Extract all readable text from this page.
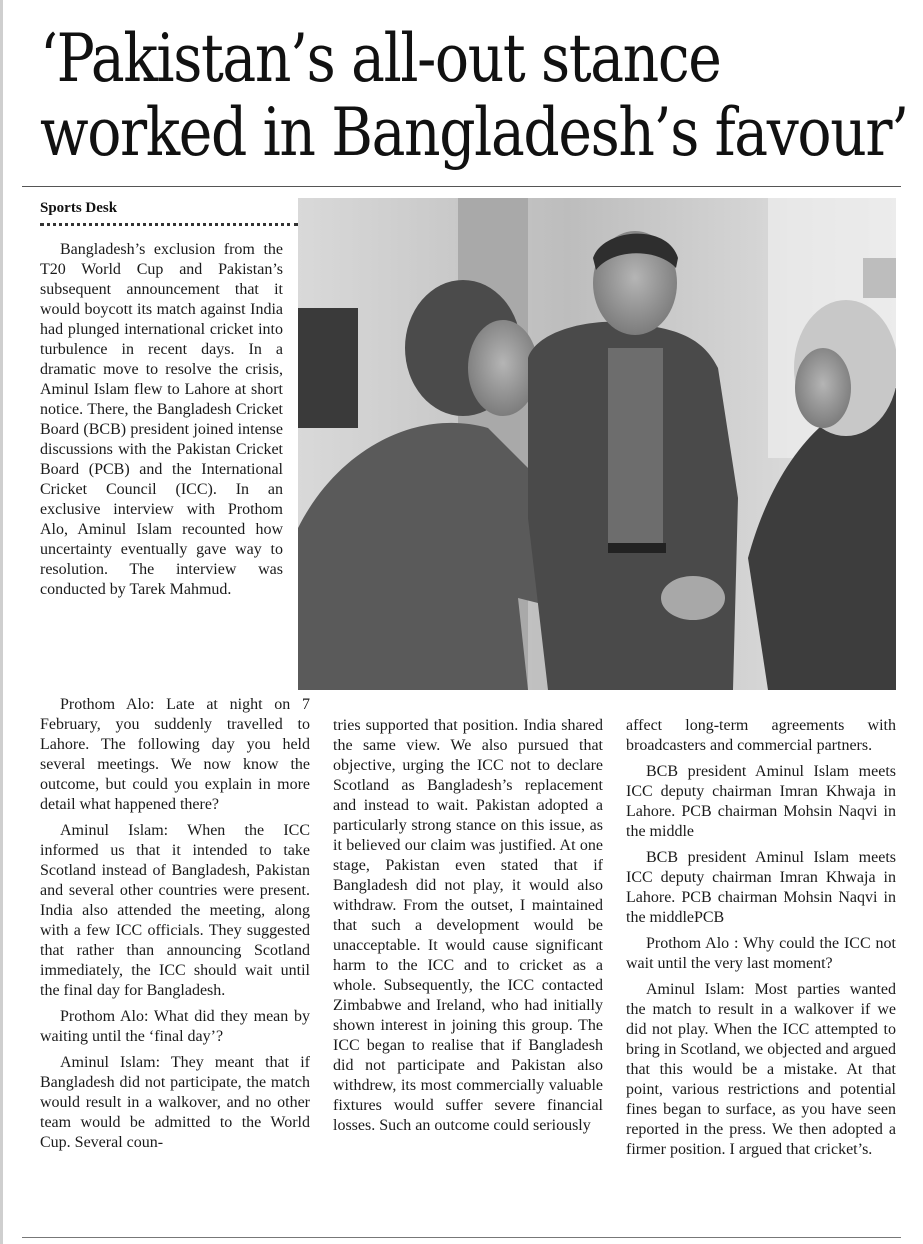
‘Pakistan’s all-out stance
worked in Bangladesh’s favour’
Sports Desk

Bangladesh’s exclusion from the T20 World Cup and Pakistan’s subsequent announcement that it would boycott its match against India had plunged international cricket into turbulence in recent days. In a dramatic move to resolve the crisis, Aminul Islam flew to Lahore at short notice. There, the Bangladesh Cricket Board (BCB) president joined intense discussions with the Pakistan Cricket Board (PCB) and the International Cricket Council (ICC). In an exclusive interview with Prothom Alo, Aminul Islam recounted how uncertainty eventually gave way to resolution. The interview was conducted by Tarek Mahmud.

Prothom Alo: Late at night on 7 February, you suddenly travelled to Lahore. The following day you held several meetings. We now know the outcome, but could you explain in more detail what happened there?

Aminul Islam: When the ICC informed us that it intended to take Scotland instead of Bangladesh, Pakistan and several other countries were present. India also attended the meeting, along with a few ICC officials. They suggested that rather than announcing Scotland immediately, the ICC should wait until the final day for Bangladesh.

Prothom Alo: What did they mean by waiting until the ‘final day’?

Aminul Islam: They meant that if Bangladesh did not participate, the match would result in a walkover, and no other team would be admitted to the World Cup. Several coun-

tries supported that position. India shared the same view. We also pursued that objective, urging the ICC not to declare Scotland as Bangladesh’s replacement and instead to wait. Pakistan adopted a particularly strong stance on this issue, as it believed our claim was justified. At one stage, Pakistan even stated that if Bangladesh did not play, it would also withdraw. From the outset, I maintained that such a development would be unacceptable. It would cause significant harm to the ICC and to cricket as a whole. Subsequently, the ICC contacted Zimbabwe and Ireland, who had initially shown interest in joining this group. The ICC began to realise that if Bangladesh did not participate and Pakistan also withdrew, its most commercially valuable fixtures would suffer severe financial losses. Such an outcome could seriously

affect long-term agreements with broadcasters and commercial partners.

BCB president Aminul Islam meets ICC deputy chairman Imran Khwaja in Lahore. PCB chairman Mohsin Naqvi in the middle

BCB president Aminul Islam meets ICC deputy chairman Imran Khwaja in Lahore. PCB chairman Mohsin Naqvi in the middlePCB

Prothom Alo : Why could the ICC not wait until the very last moment?

Aminul Islam: Most parties wanted the match to result in a walkover if we did not play. When the ICC attempted to bring in Scotland, we objected and argued that this would be a mistake. At that point, various restrictions and potential fines began to surface, as you have seen reported in the press. We then adopted a firmer position. I argued that cricket’s.
